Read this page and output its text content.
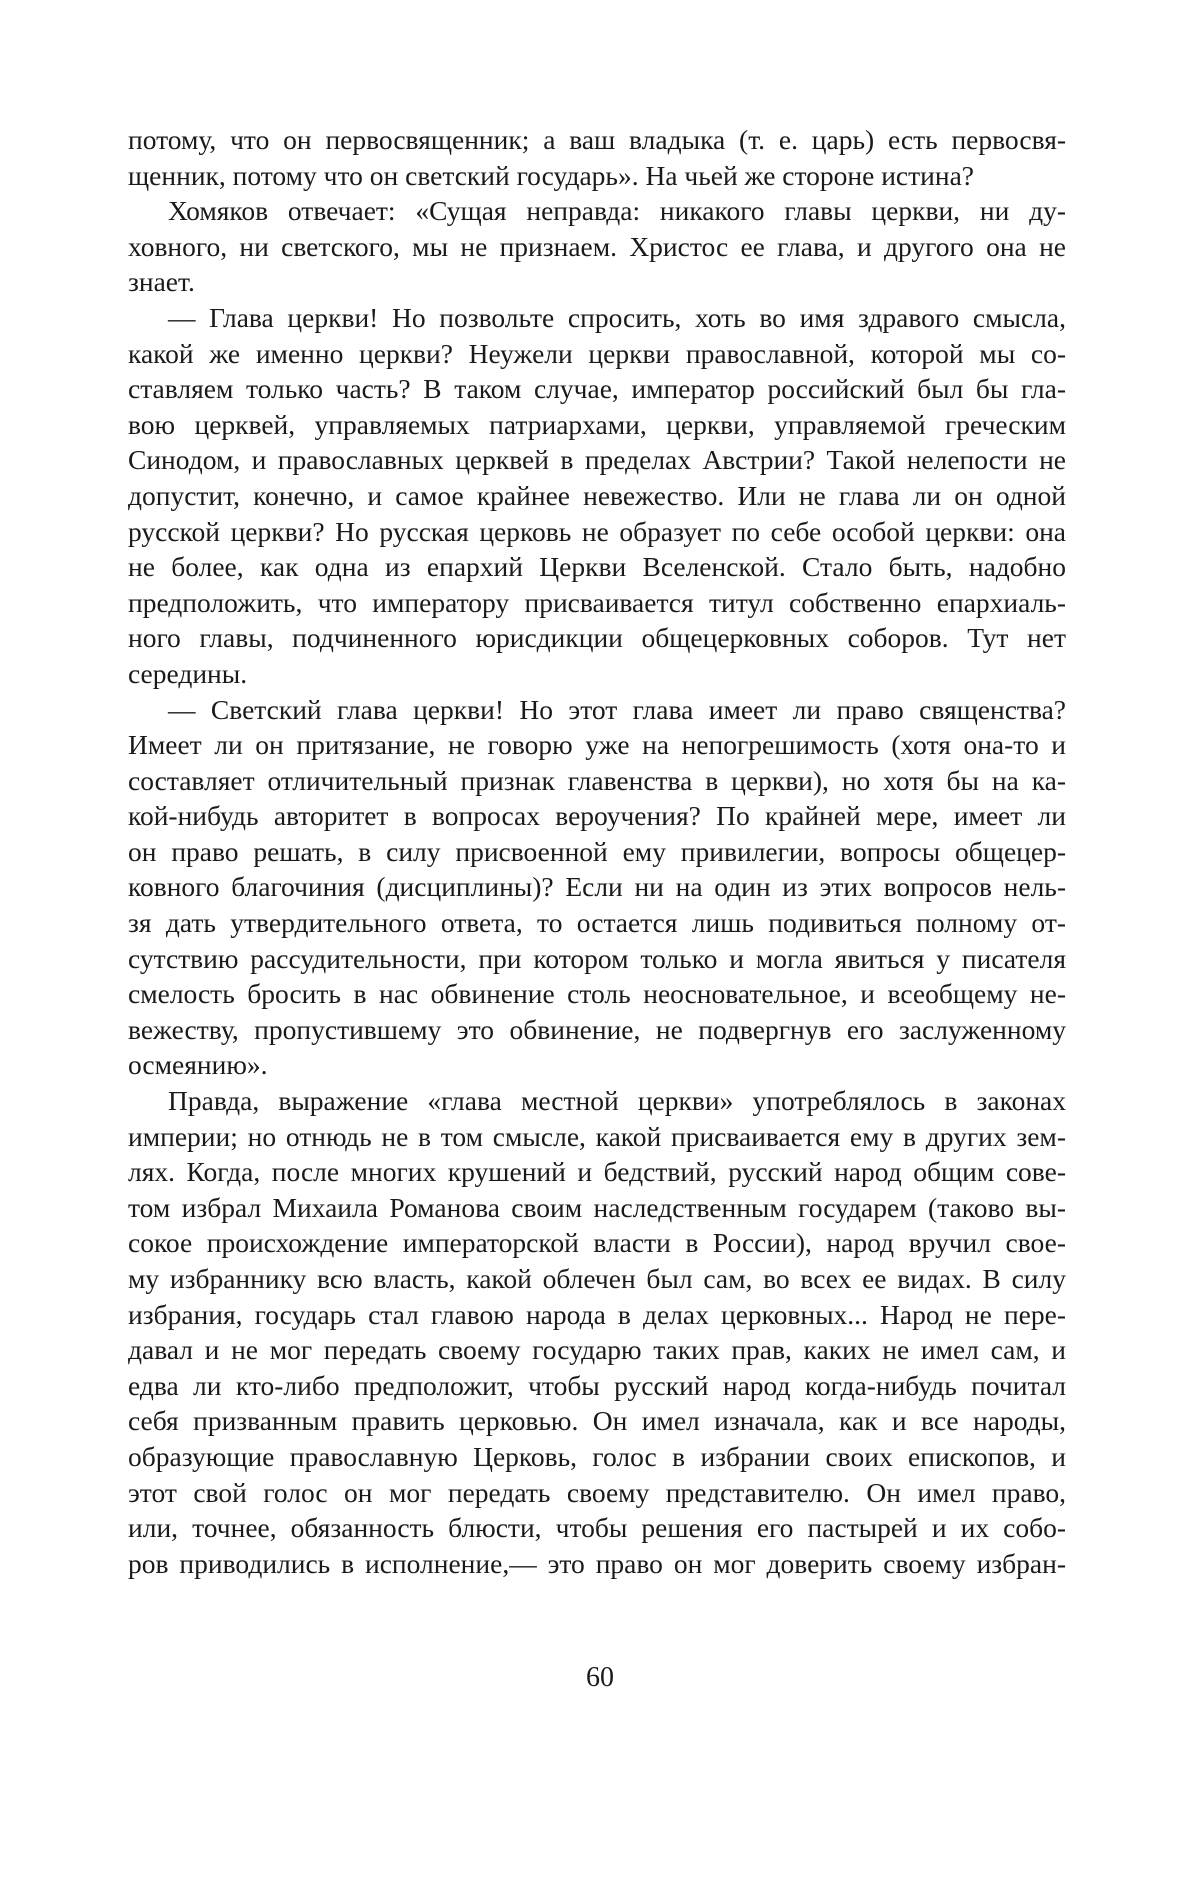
потому, что он первосвященник; а ваш владыка (т. е. царь) есть первосвя-
щенник, потому что он светский государь». На чьей же стороне истина?
Хомяков отвечает: «Сущая неправда: никакого главы церкви, ни ду-
ховного, ни светского, мы не признаем. Христос ее глава, и другого она не
знает.
— Глава церкви! Но позвольте спросить, хоть во имя здравого смысла,
какой же именно церкви? Неужели церкви православной, которой мы со-
ставляем только часть? В таком случае, император российский был бы гла-
вою церквей, управляемых патриархами, церкви, управляемой греческим
Синодом, и православных церквей в пределах Австрии? Такой нелепости не
допустит, конечно, и самое крайнее невежество. Или не глава ли он одной
русской церкви? Но русская церковь не образует по себе особой церкви: она
не более, как одна из епархий Церкви Вселенской. Стало быть, надобно
предположить, что императору присваивается титул собственно епархиаль-
ного главы, подчиненного юрисдикции общецерковных соборов. Тут нет
середины.
— Светский глава церкви! Но этот глава имеет ли право священства?
Имеет ли он притязание, не говорю уже на непогрешимость (хотя она-то и
составляет отличительный признак главенства в церкви), но хотя бы на ка-
кой-нибудь авторитет в вопросах вероучения? По крайней мере, имеет ли
он право решать, в силу присвоенной ему привилегии, вопросы общецер-
ковного благочиния (дисциплины)? Если ни на один из этих вопросов нель-
зя дать утвердительного ответа, то остается лишь подивиться полному от-
сутствию рассудительности, при котором только и могла явиться у писателя
смелость бросить в нас обвинение столь неосновательное, и всеобщему не-
вежеству, пропустившему это обвинение, не подвергнув его заслуженному
осмеянию».
Правда, выражение «глава местной церкви» употреблялось в законах
империи; но отнюдь не в том смысле, какой присваивается ему в других зем-
лях. Когда, после многих крушений и бедствий, русский народ общим сове-
том избрал Михаила Романова своим наследственным государем (таково вы-
сокое происхождение императорской власти в России), народ вручил свое-
му избраннику всю власть, какой облечен был сам, во всех ее видах. В силу
избрания, государь стал главою народа в делах церковных... Народ не пере-
давал и не мог передать своему государю таких прав, каких не имел сам, и
едва ли кто-либо предположит, чтобы русский народ когда-нибудь почитал
себя призванным править церковью. Он имел изначала, как и все народы,
образующие православную Церковь, голос в избрании своих епископов, и
этот свой голос он мог передать своему представителю. Он имел право,
или, точнее, обязанность блюсти, чтобы решения его пастырей и их собо-
ров приводились в исполнение,— это право он мог доверить своему избран-
60
